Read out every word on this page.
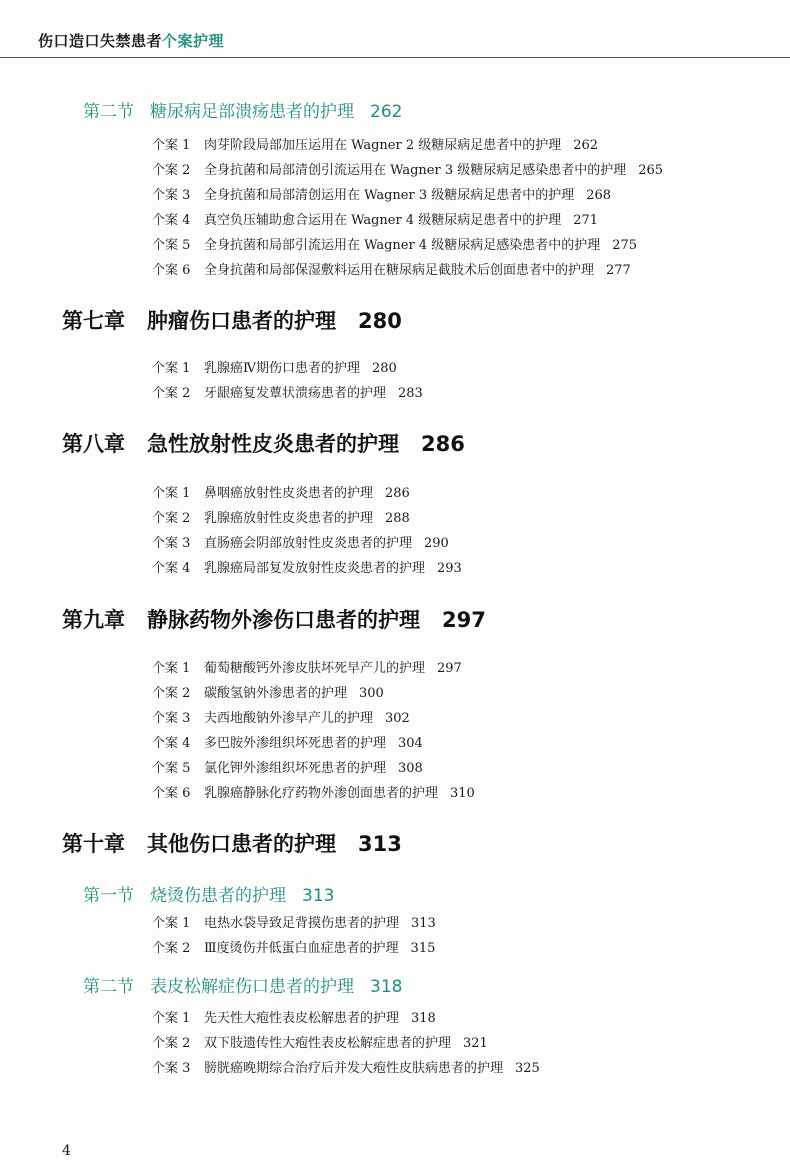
伤口造口失禁患者个案护理
第二节 糖尿病足部溃疡患者的护理 262
个案 1 肉芽阶段局部加压运用在 Wagner 2 级糖尿病足患者中的护理 262
个案 2 全身抗菌和局部清创引流运用在 Wagner 3 级糖尿病足感染患者中的护理 265
个案 3 全身抗菌和局部清创运用在 Wagner 3 级糖尿病足患者中的护理 268
个案 4 真空负压辅助愈合运用在 Wagner 4 级糖尿病足患者中的护理 271
个案 5 全身抗菌和局部引流运用在 Wagner 4 级糖尿病足感染患者中的护理 275
个案 6 全身抗菌和局部保湿敷料运用在糖尿病足截肢术后创面患者中的护理 277
第七章 肿瘤伤口患者的护理 280
个案 1 乳腺癌Ⅳ期伤口患者的护理 280
个案 2 牙龈癌复发蕈状溃疡患者的护理 283
第八章 急性放射性皮炎患者的护理 286
个案 1 鼻咽癌放射性皮炎患者的护理 286
个案 2 乳腺癌放射性皮炎患者的护理 288
个案 3 直肠癌会阴部放射性皮炎患者的护理 290
个案 4 乳腺癌局部复发放射性皮炎患者的护理 293
第九章 静脉药物外渗伤口患者的护理 297
个案 1 葡萄糖酸钙外渗皮肤坏死早产儿的护理 297
个案 2 碳酸氢钠外渗患者的护理 300
个案 3 夫西地酸钠外渗早产儿的护理 302
个案 4 多巴胺外渗组织坏死患者的护理 304
个案 5 氯化钾外渗组织坏死患者的护理 308
个案 6 乳腺癌静脉化疗药物外渗创面患者的护理 310
第十章 其他伤口患者的护理 313
第一节 烧烫伤患者的护理 313
个案 1 电热水袋导致足背摸伤患者的护理 313
个案 2 Ⅲ度烫伤并低蛋白血症患者的护理 315
第二节 表皮松解症伤口患者的护理 318
个案 1 先天性大疱性表皮松解患者的护理 318
个案 2 双下肢遗传性大疱性表皮松解症患者的护理 321
个案 3 膀胱癌晚期综合治疗后并发大疱性皮肤病患者的护理 325
4
